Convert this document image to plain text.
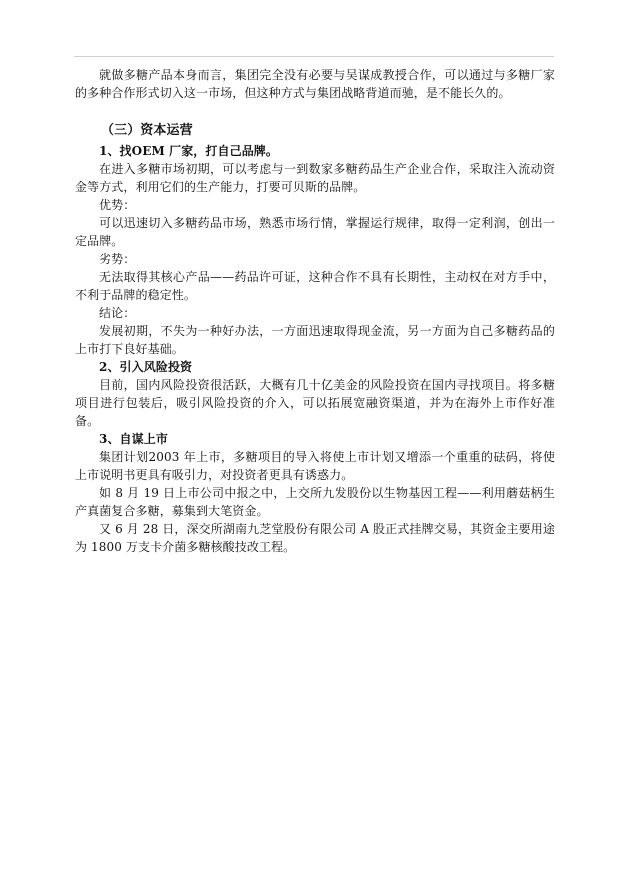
就做多糖产品本身而言，集团完全没有必要与吴谋成教授合作，可以通过与多糖厂家的多种合作形式切入这一市场，但这种方式与集团战略背道而驰，是不能长久的。

（三）资本运营

1、找OEM 厂家，打自己品牌。

在进入多糖市场初期，可以考虑与一到数家多糖药品生产企业合作，采取注入流动资金等方式，利用它们的生产能力，打要可贝斯的品牌。

优势：

可以迅速切入多糖药品市场，熟悉市场行情，掌握运行规律，取得一定利润，创出一定品牌。

劣势：

无法取得其核心产品——药品许可证，这种合作不具有长期性，主动权在对方手中，不利于品牌的稳定性。

结论：

发展初期，不失为一种好办法，一方面迅速取得现金流，另一方面为自己多糖药品的上市打下良好基础。

2、引入风险投资

目前，国内风险投资很活跃，大概有几十亿美金的风险投资在国内寻找项目。将多糖项目进行包装后，吸引风险投资的介入，可以拓展宽融资渠道，并为在海外上市作好准备。

3、自谋上市

集团计划2003 年上市，多糖项目的导入将使上市计划又增添一个重重的砝码，将使上市说明书更具有吸引力，对投资者更具有诱惑力。

如 8 月 19 日上市公司中报之中，上交所九发股份以生物基因工程——利用蘑菇柄生产真菌复合多糖，募集到大笔资金。

又 6 月 28 日，深交所湖南九芝堂股份有限公司 A 股正式挂牌交易，其资金主要用途为 1800 万支卡介菌多糖核酸技改工程。
